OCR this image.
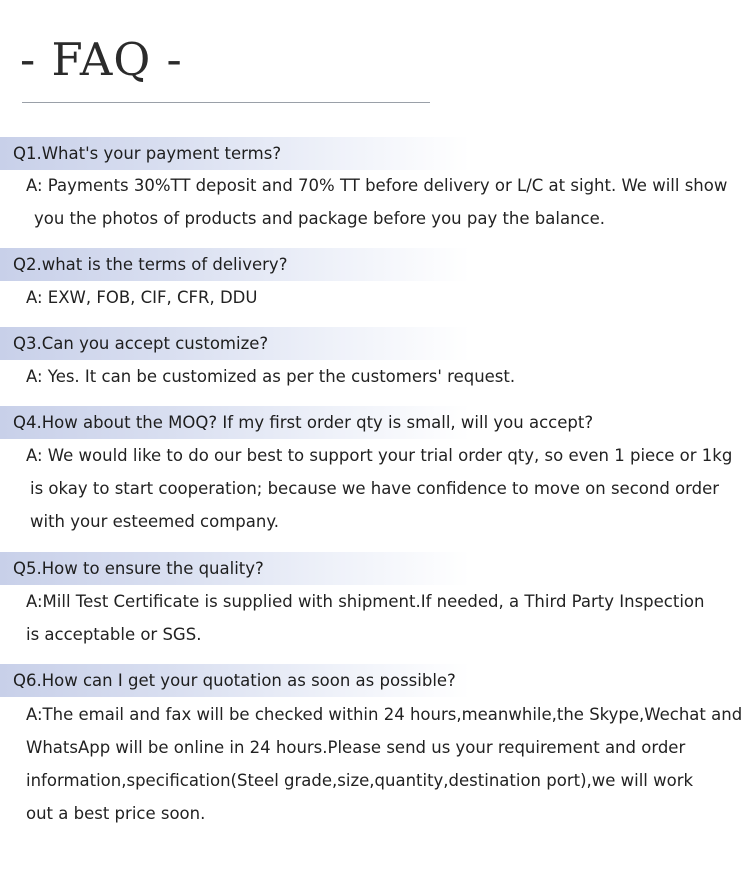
- FAQ -
Q1.What's your payment terms?
A: Payments 30%TT deposit and 70% TT before delivery or L/C at sight. We will show
you the photos of products and package before you pay the balance.
Q2.what is the terms of delivery?
A: EXW, FOB, CIF, CFR, DDU
Q3.Can you accept customize?
A: Yes. It can be customized as per the customers' request.
Q4.How about the MOQ? If my first order qty is small, will you accept?
A: We would like to do our best to support your trial order qty, so even 1 piece or 1kg
is okay to start cooperation; because we have confidence to move on second order
with your esteemed company.
Q5.How to ensure the quality?
A:Mill Test Certificate is supplied with shipment.If needed, a Third Party Inspection
is acceptable or SGS.
Q6.How can I get your quotation as soon as possible?
A:The email and fax will be checked within 24 hours,meanwhile,the Skype,Wechat and
WhatsApp will be online in 24 hours.Please send us your requirement and order
information,specification(Steel grade,size,quantity,destination port),we will work
out a best price soon.
